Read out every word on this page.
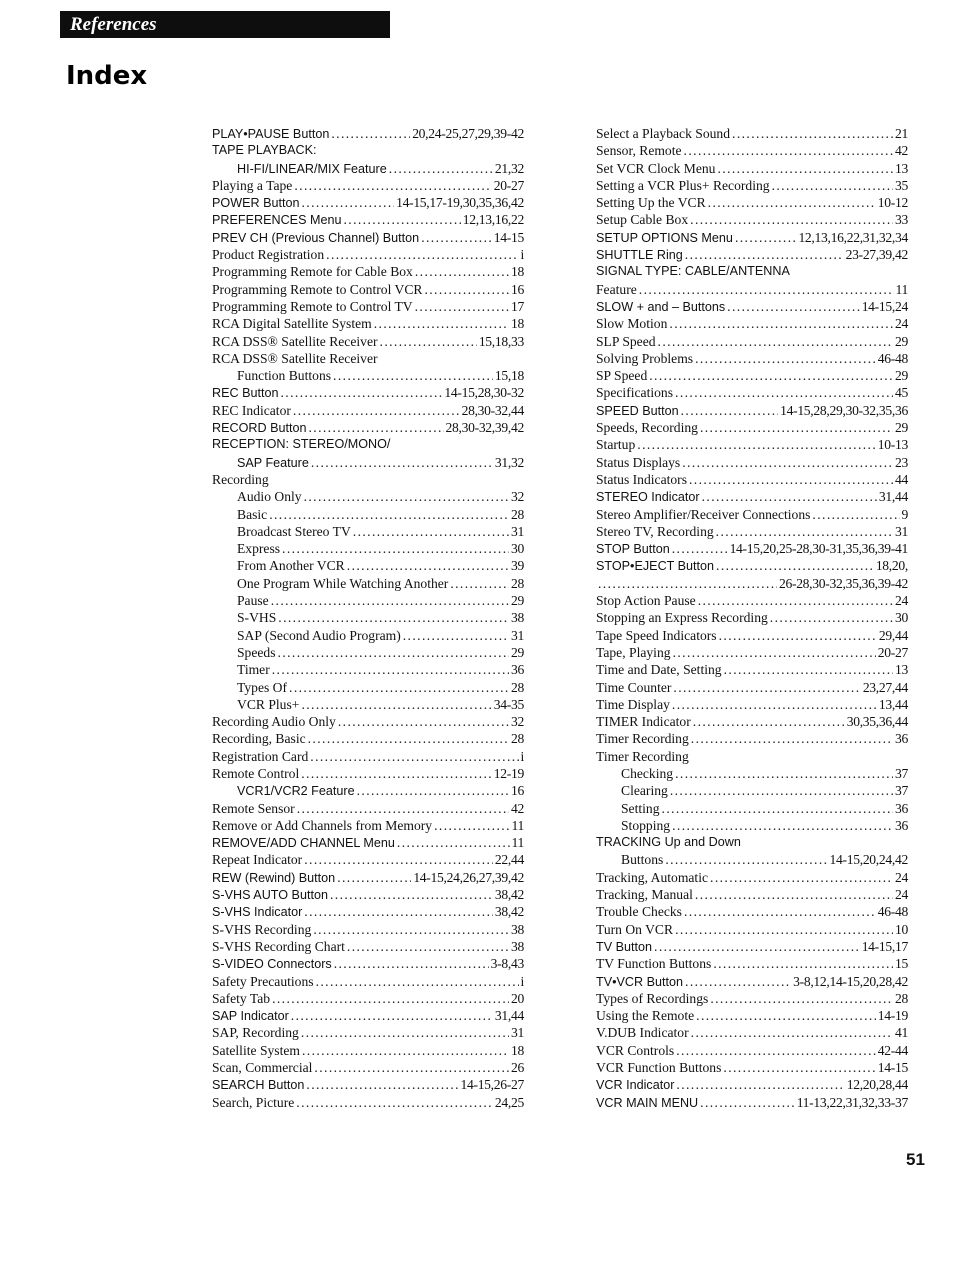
References
Index
PLAY•PAUSE Button . . .	20,24-25,27,29,39-42
TAPE PLAYBACK:
HI-FI/LINEAR/MIX Feature . . .	21,32
Playing a Tape . . .	20-27
POWER Button . . .	14-15,17-19,30,35,36,42
PREFERENCES Menu . . .	12,13,16,22
PREV CH (Previous Channel) Button . . .	14-15
Product Registration . . .	i
Programming Remote for Cable Box . . .	18
Programming Remote to Control VCR . . .	16
Programming Remote to Control TV . . .	17
RCA Digital Satellite System . . .	18
RCA DSS® Satellite Receiver . . .	15,18,33
RCA DSS® Satellite Receiver
Function Buttons . . .	15,18
REC Button . . .	14-15,28,30-32
REC Indicator . . .	28,30-32,44
RECORD Button . . .	28,30-32,39,42
RECEPTION: STEREO/MONO/
SAP Feature . . .	31,32
Recording
Audio Only . . .	32
Basic . . .	28
Broadcast Stereo TV . . .	31
Express . . .	30
From Another VCR . . .	39
One Program While Watching Another . . .	28
Pause . . .	29
S-VHS . . .	38
SAP (Second Audio Program) . . .	31
Speeds . . .	29
Timer . . .	36
Types Of . . .	28
VCR Plus+ . . .	34-35
Recording Audio Only . . .	32
Recording, Basic . . .	28
Registration Card . . .	i
Remote Control . . .	12-19
VCR1/VCR2 Feature . . .	16
Remote Sensor . . .	42
Remove or Add Channels from Memory . . .	11
REMOVE/ADD CHANNEL Menu . . .	11
Repeat Indicator . . .	22,44
REW (Rewind) Button . . .	14-15,24,26,27,39,42
S-VHS AUTO Button . . .	38,42
S-VHS Indicator . . .	38,42
S-VHS Recording . . .	38
S-VHS Recording Chart . . .	38
S-VIDEO Connectors . . .	3-8,43
Safety Precautions . . .	i
Safety Tab . . .	20
SAP Indicator . . .	31,44
SAP, Recording . . .	31
Satellite System . . .	18
Scan, Commercial . . .	26
SEARCH Button . . .	14-15,26-27
Search, Picture . . .	24,25
Select a Playback Sound . . .	21
Sensor, Remote . . .	42
Set VCR Clock Menu . . .	13
Setting a VCR Plus+ Recording . . .	35
Setting Up the VCR . . .	10-12
Setup Cable Box . . .	33
SETUP OPTIONS Menu . . .	12,13,16,22,31,32,34
SHUTTLE Ring . . .	23-27,39,42
SIGNAL TYPE: CABLE/ANTENNA
Feature . . .	11
SLOW + and – Buttons . . .	14-15,24
Slow Motion . . .	24
SLP Speed . . .	29
Solving Problems . . .	46-48
SP Speed . . .	29
Specifications . . .	45
SPEED Button . . .	14-15,28,29,30-32,35,36
Speeds, Recording . . .	29
Startup . . .	10-13
Status Displays . . .	23
Status Indicators . . .	44
STEREO Indicator . . .	31,44
Stereo Amplifier/Receiver Connections . . .	9
Stereo TV, Recording . . .	31
STOP Button . . .	14-15,20,25-28,30-31,35,36,39-41
STOP•EJECT Button . . .	18,20,
. . .
26-28,30-32,35,36,39-42
Stop Action Pause . . .	24
Stopping an Express Recording . . .	30
Tape Speed Indicators . . .	29,44
Tape, Playing . . .	20-27
Time and Date, Setting . . .	13
Time Counter . . .	23,27,44
Time Display . . .	13,44
TIMER Indicator . . .	30,35,36,44
Timer Recording . . .	36
Timer Recording
Checking . . .	37
Clearing . . .	37
Setting . . .	36
Stopping . . .	36
TRACKING Up and Down
Buttons . . .	14-15,20,24,42
Tracking, Automatic . . .	24
Tracking, Manual . . .	24
Trouble Checks . . .	46-48
Turn On VCR . . .	10
TV Button . . .	14-15,17
TV Function Buttons . . .	15
TV•VCR Button . . .	3-8,12,14-15,20,28,42
Types of Recordings . . .	28
Using the Remote . . .	14-19
V.DUB Indicator . . .	41
VCR Controls . . .	42-44
VCR Function Buttons . . .	14-15
VCR Indicator . . .	12,20,28,44
VCR MAIN MENU . . .	11-13,22,31,32,33-37

51
